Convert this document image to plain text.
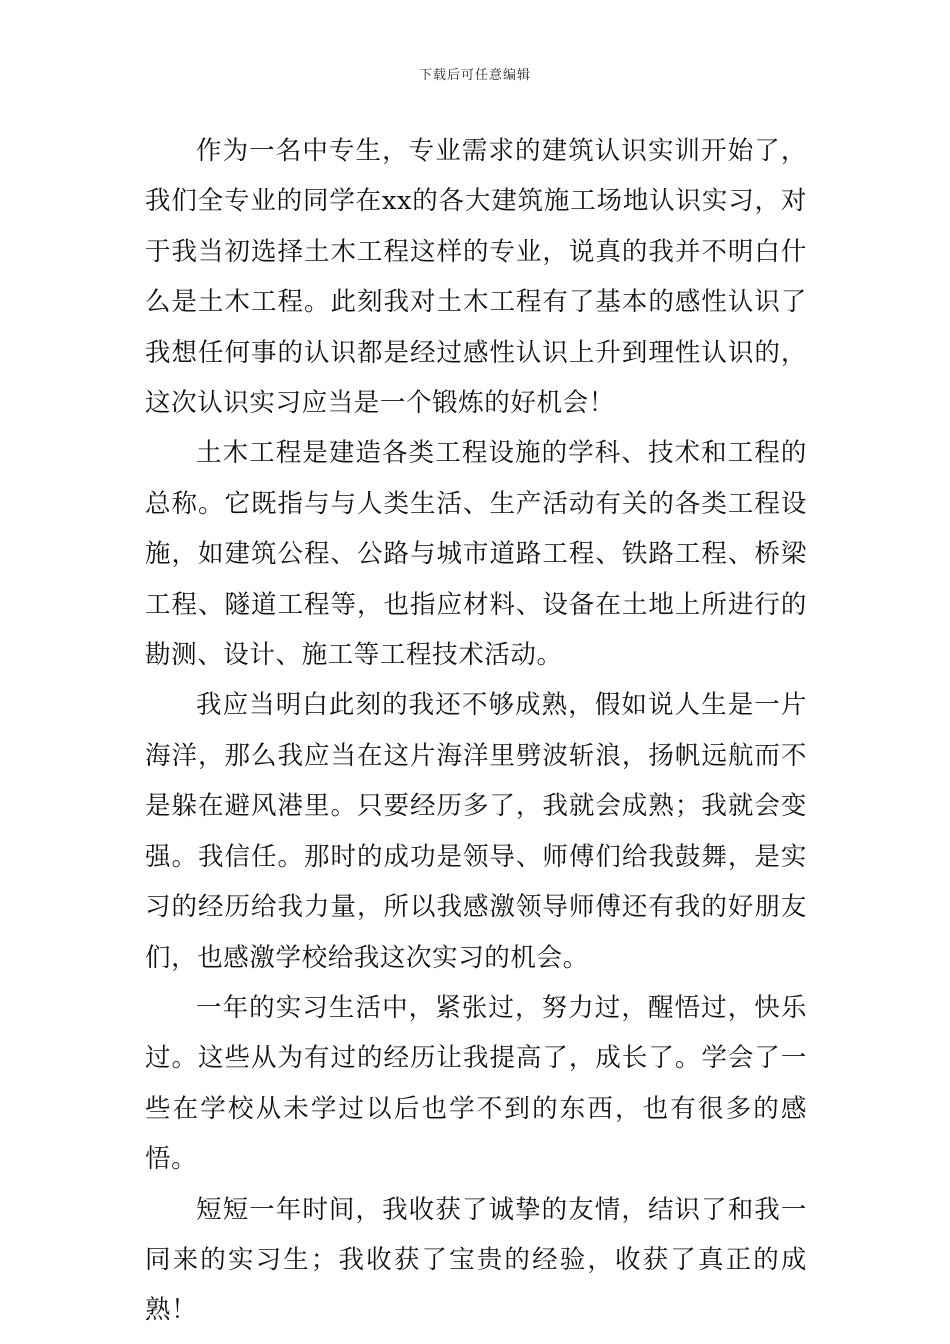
下载后可任意编辑

作为一名中专生，专业需求的建筑认识实训开始了，我们全专业的同学在xx的各大建筑施工场地认识实习，对于我当初选择土木工程这样的专业，说真的我并不明白什么是土木工程。此刻我对土木工程有了基本的感性认识了我想任何事的认识都是经过感性认识上升到理性认识的，这次认识实习应当是一个锻炼的好机会！

土木工程是建造各类工程设施的学科、技术和工程的总称。它既指与与人类生活、生产活动有关的各类工程设施，如建筑公程、公路与城市道路工程、铁路工程、桥梁工程、隧道工程等，也指应材料、设备在土地上所进行的勘测、设计、施工等工程技术活动。

我应当明白此刻的我还不够成熟，假如说人生是一片海洋，那么我应当在这片海洋里劈波斩浪，扬帆远航而不是躲在避风港里。只要经历多了，我就会成熟；我就会变强。我信任。那时的成功是领导、师傅们给我鼓舞，是实习的经历给我力量，所以我感激领导师傅还有我的好朋友们，也感激学校给我这次实习的机会。

一年的实习生活中，紧张过，努力过，醒悟过，快乐过。这些从为有过的经历让我提高了，成长了。学会了一些在学校从未学过以后也学不到的东西，也有很多的感悟。

短短一年时间，我收获了诚挚的友情，结识了和我一同来的实习生；我收获了宝贵的经验，收获了真正的成熟！
